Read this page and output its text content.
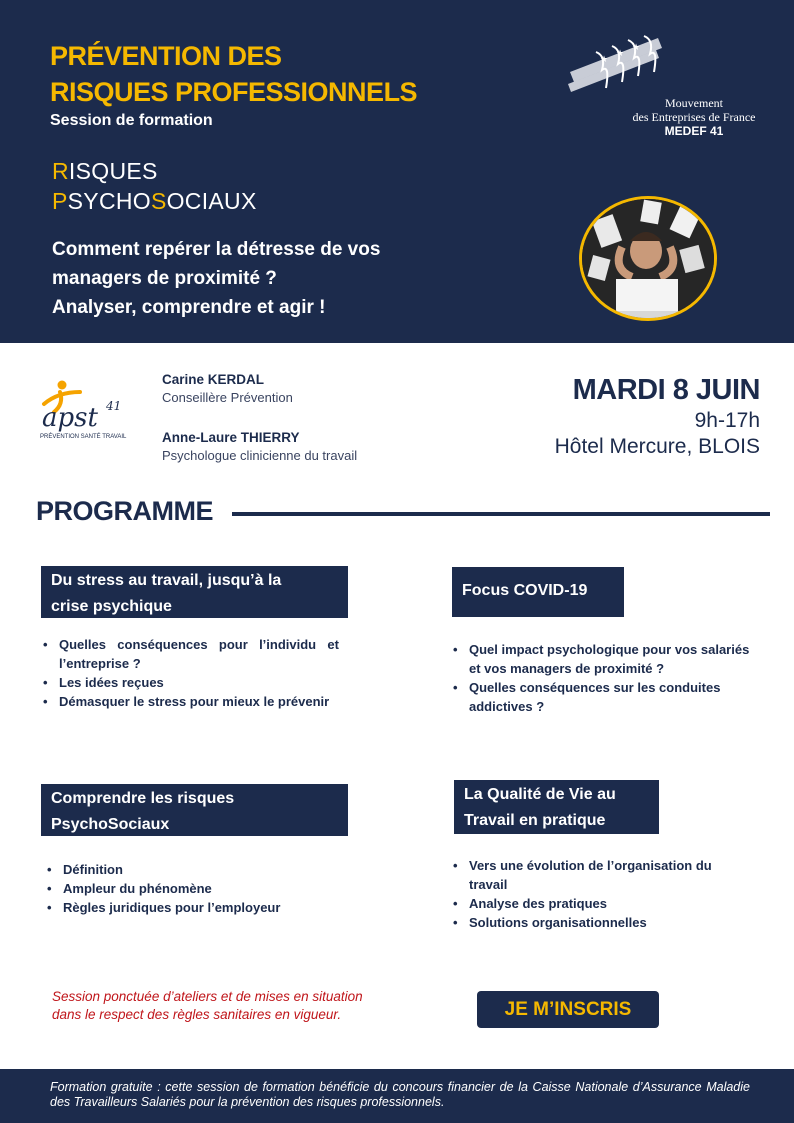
PRÉVENTION DES
RISQUES PROFESSIONNELS
Session de formation
RISQUES
PSYCHOSOCIAUX
Comment repérer la détresse de vos
managers de proximité ?
Analyser, comprendre et agir !
★
★
★
Mouvement
des Entreprises de France
MEDEF 41
apst 41
PRÉVENTION SANTÉ TRAVAIL
Carine KERDAL
Conseillère Prévention
Anne-Laure THIERRY
Psychologue clinicienne du travail
MARDI 8 JUIN
9h-17h
Hôtel Mercure, BLOIS
PROGRAMME
Du stress au travail, jusqu’à la
crise psychique
• Quelles conséquences pour l’individu et l’entreprise ?
• Les idées reçues
• Démasquer le stress pour mieux le prévenir
Focus COVID-19
• Quel impact psychologique pour vos salariés et vos managers de proximité ?
• Quelles conséquences sur les conduites addictives ?
Comprendre les risques
PsychoSociaux
• Définition
• Ampleur du phénomène
• Règles juridiques pour l’employeur
La Qualité de Vie au
Travail en pratique
• Vers une évolution de l’organisation du travail
• Analyse des pratiques
• Solutions organisationnelles
Session ponctuée d’ateliers et de mises en situation
dans le respect des règles sanitaires en vigueur.	JE M’INSCRIS

Formation gratuite : cette session de formation bénéficie du concours financier de la Caisse Nationale d’Assurance Maladie des Travailleurs Salariés pour la prévention des risques professionnels.
